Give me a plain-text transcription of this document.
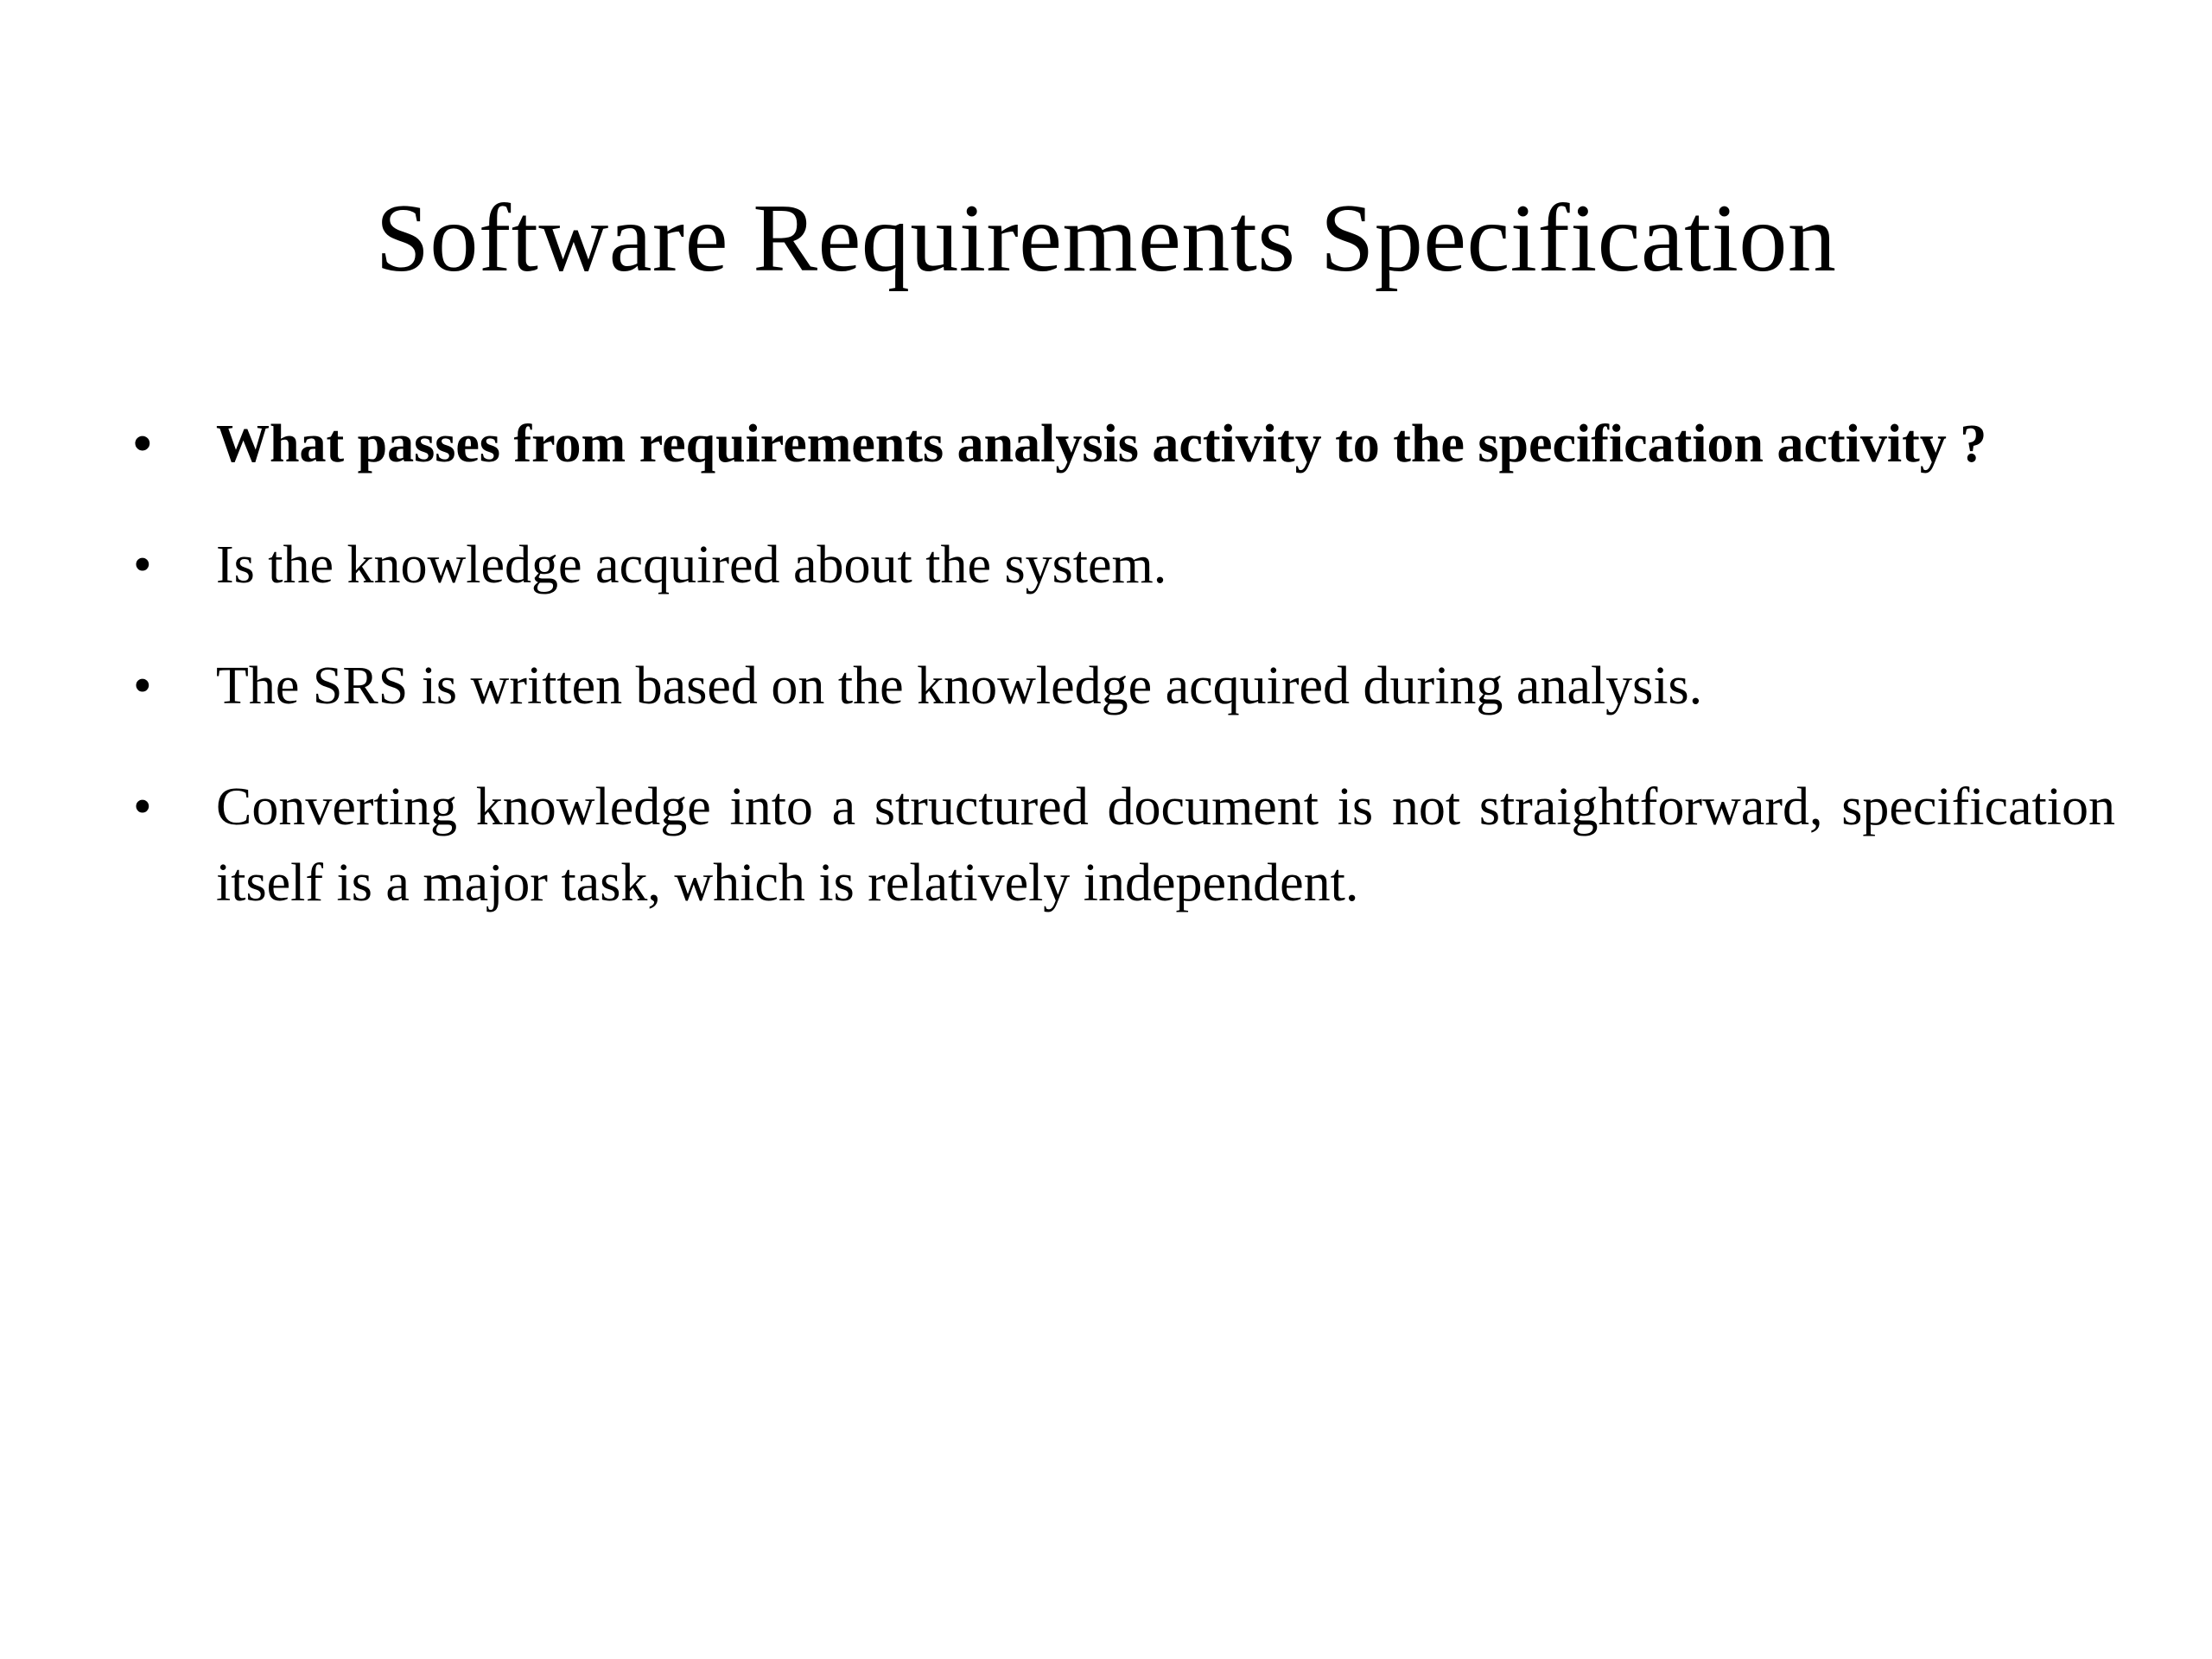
Software Requirements Specification
• What passes from requirements analysis activity to the specification activity ?
• Is the knowledge acquired about the system.
• The SRS is written based on the knowledge acquired during analysis.
• Converting knowledge into a structured document is not straightforward, specification itself is a major task, which is relatively independent.
